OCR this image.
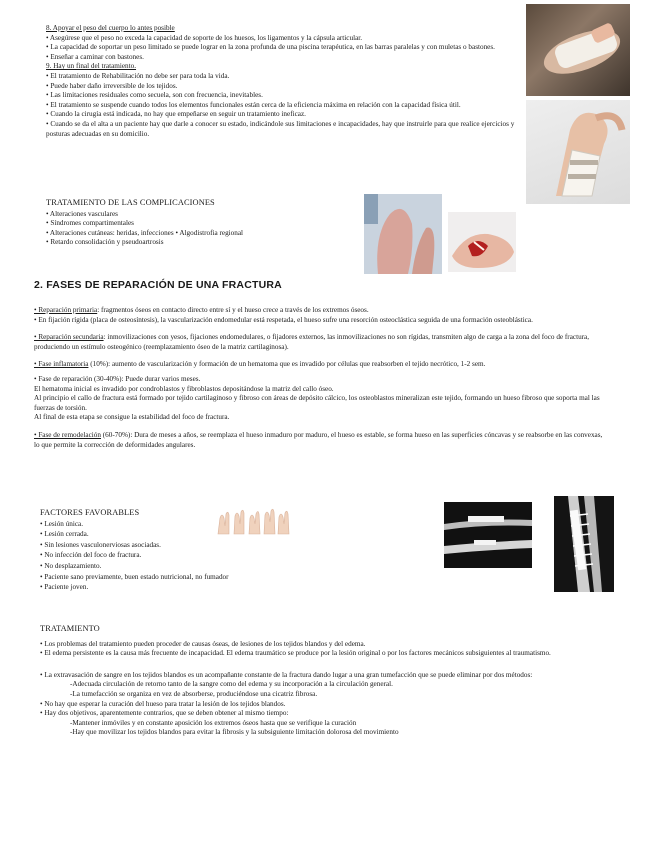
8. Apoyar el peso del cuerpo lo antes posible

• Asegúrese que el peso no exceda la capacidad de soporte de los huesos, los ligamentos y la cápsula articular.

• La capacidad de soportar un peso limitado se puede lograr en la zona profunda de una piscina terapéutica, en las barras paralelas y con muletas o bastones.

• Enseñar a caminar con bastones.

9. Hay un final del tratamiento.

• El tratamiento de Rehabilitación no debe ser para toda la vida.

• Puede haber daño irreversible de los tejidos.

• Las limitaciones residuales como secuela, son con frecuencia, inevitables.

• El tratamiento se suspende cuando todos los elementos funcionales están cerca de la eficiencia máxima en relación con la capacidad física útil.

• Cuando la cirugía está indicada, no hay que empeñarse en seguir un tratamiento ineficaz.

• Cuando se da el alta a un paciente hay que darle a conocer su estado, indicándole sus limitaciones e incapacidades, hay que instruirle para que realice ejercicios y posturas adecuadas en su domicilio.

TRATAMIENTO DE LAS COMPLICACIONES

• Alteraciones vasculares
• Síndromes compartimentales
• Alteraciones cutáneas: heridas, infecciones • Algodistrofia regional
• Retardo consolidación y pseudoartrosis
2. FASES DE REPARACIÓN DE UNA FRACTURA

• Reparación primaria: fragmentos óseos en contacto directo entre sí y el hueso crece a través de los extremos óseos.

• En fijación rígida (placa de osteosíntesis), la vascularización endomedular está respetada, el hueso sufre una resorción osteoclástica seguida de una formación osteoblástica.

• Reparación secundaria: inmovilizaciones con yesos, fijaciones endomedulares, o fijadores externos, las inmovilizaciones no son rígidas, transmiten algo de carga a la zona del foco de fractura, produciendo un estímulo osteogénico (reemplazamiento óseo de la matriz cartilaginosa).

• Fase inflamatoria (10%): aumento de vascularización y formación de un hematoma que es invadido por células que reabsorben el tejido necrótico, 1-2 sem.

• Fase de reparación (30-40%): Puede durar varios meses.

El hematoma inicial es invadido por condroblastos y fibroblastos depositándose la matriz del callo óseo.

Al principio el callo de fractura está formado por tejido cartilaginoso y fibroso con áreas de depósito cálcico, los osteoblastos mineralizan este tejido, formando un hueso fibroso que soporta mal las fuerzas de torsión.

Al final de esta etapa se consigue la estabilidad del foco de fractura.

• Fase de remodelación (60-70%): Dura de meses a años, se reemplaza el hueso inmaduro por maduro, el hueso es estable, se forma hueso en las superficies cóncavas y se reabsorbe en las convexas, lo que permite la corrección de deformidades angulares.

FACTORES FAVORABLES

• Lesión única.
• Lesión cerrada.
• Sin lesiones vasculonerviosas asociadas.
• No infección del foco de fractura.
• No desplazamiento.
• Paciente sano previamente, buen estado nutricional, no fumador
• Paciente joven.

TRATAMIENTO

• Los problemas del tratamiento pueden proceder de causas óseas, de lesiones de los tejidos blandos y del edema.

• El edema persistente es la causa más frecuente de incapacidad. El edema traumático se produce por la lesión original o por los factores mecánicos subsiguientes al traumatismo.

• La extravasación de sangre en los tejidos blandos es un acompañante constante de la fractura dando lugar a una gran tumefacción que se puede eliminar por dos métodos:

-Adecuada circulación de retorno tanto de la sangre como del edema y su incorporación a la circulación general.

-La tumefacción se organiza en vez de absorberse, produciéndose una cicatriz fibrosa.

• No hay que esperar la curación del hueso para tratar la lesión de los tejidos blandos.

• Hay dos objetivos, aparentemente contrarios, que se deben obtener al mismo tiempo:

-Mantener inmóviles y en constante aposición los extremos óseos hasta que se verifique la curación

-Hay que movilizar los tejidos blandos para evitar la fibrosis y la subsiguiente limitación dolorosa del movimiento
